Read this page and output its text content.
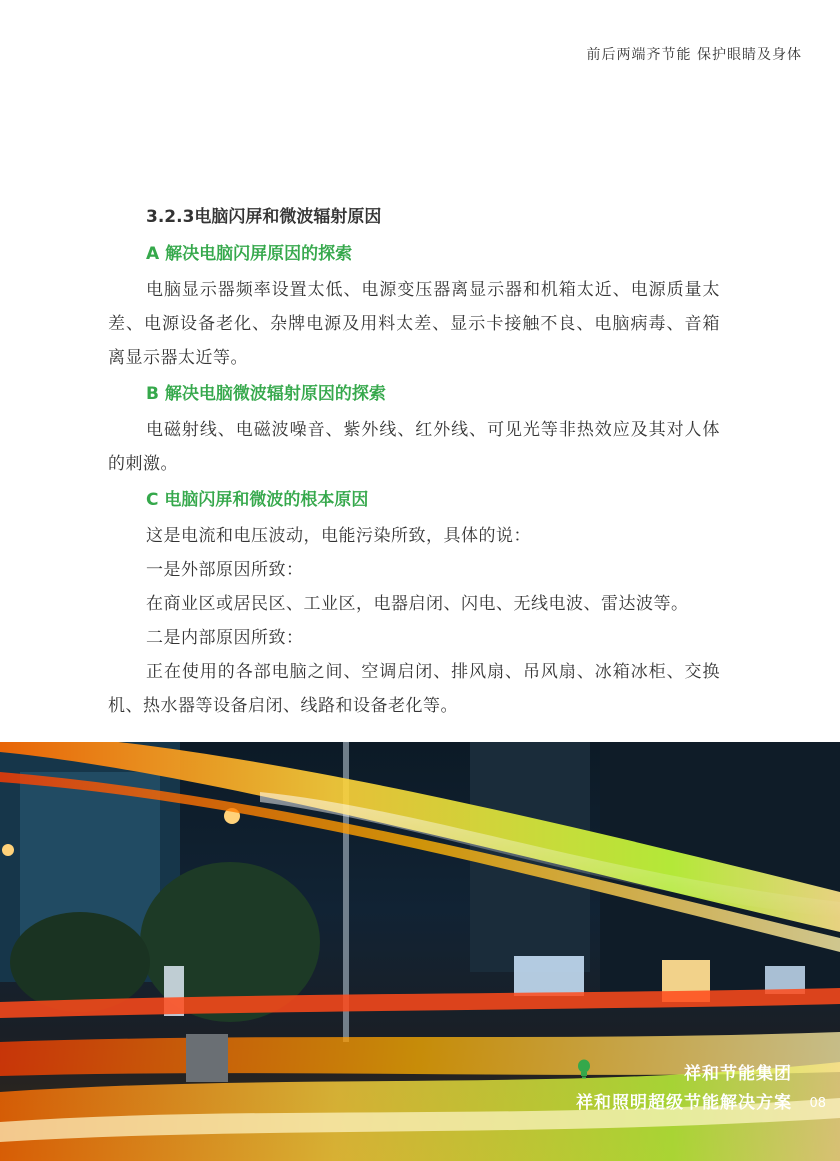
前后两端齐节能 保护眼睛及身体
3.2.3电脑闪屏和微波辐射原因
A 解决电脑闪屏原因的探索

电脑显示器频率设置太低、电源变压器离显示器和机箱太近、电源质量太差、电源设备老化、杂牌电源及用料太差、显示卡接触不良、电脑病毒、音箱离显示器太近等。

B 解决电脑微波辐射原因的探索

电磁射线、电磁波噪音、紫外线、红外线、可见光等非热效应及其对人体的刺激。

C 电脑闪屏和微波的根本原因

这是电流和电压波动，电能污染所致，具体的说：

一是外部原因所致：

在商业区或居民区、工业区，电器启闭、闪电、无线电波、雷达波等。

二是内部原因所致：

正在使用的各部电脑之间、空调启闭、排风扇、吊风扇、冰箱冰柜、交换机、热水器等设备启闭、线路和设备老化等。

祥和节能集团
祥和照明超级节能解决方案 08
